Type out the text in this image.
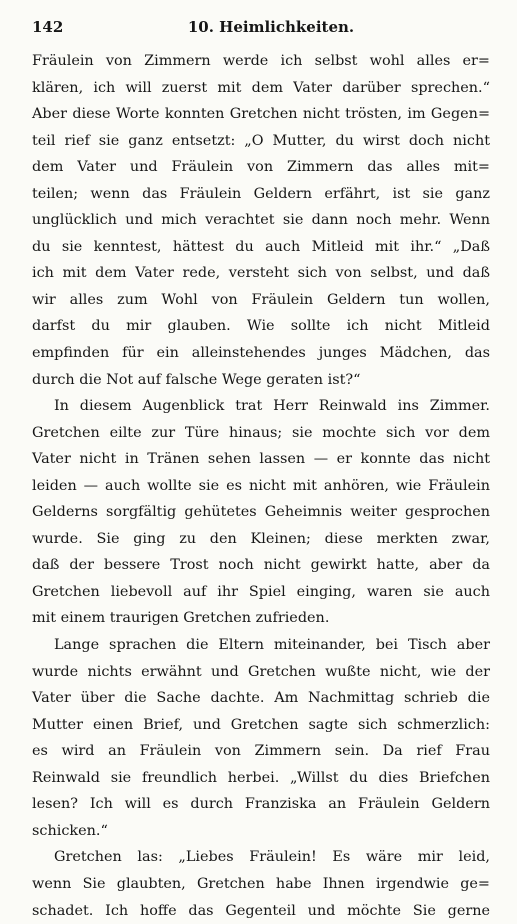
142	10. Heimlichkeiten.
Fräulein von Zimmern werde ich selbst wohl alles er=
klären, ich will zuerst mit dem Vater darüber sprechen.“
Aber diese Worte konnten Gretchen nicht trösten, im Gegen=
teil rief sie ganz entsetzt: „O Mutter, du wirst doch nicht
dem Vater und Fräulein von Zimmern das alles mit=
teilen; wenn das Fräulein Geldern erfährt, ist sie ganz
unglücklich und mich verachtet sie dann noch mehr. Wenn
du sie kenntest, hättest du auch Mitleid mit ihr.“ „Daß
ich mit dem Vater rede, versteht sich von selbst, und daß
wir alles zum Wohl von Fräulein Geldern tun wollen,
darfst du mir glauben. Wie sollte ich nicht Mitleid
empfinden für ein alleinstehendes junges Mädchen, das
durch die Not auf falsche Wege geraten ist?“
In diesem Augenblick trat Herr Reinwald ins Zimmer.
Gretchen eilte zur Türe hinaus; sie mochte sich vor dem
Vater nicht in Tränen sehen lassen — er konnte das nicht
leiden — auch wollte sie es nicht mit anhören, wie Fräulein
Gelderns sorgfältig gehütetes Geheimnis weiter gesprochen
wurde. Sie ging zu den Kleinen; diese merkten zwar,
daß der bessere Trost noch nicht gewirkt hatte, aber da
Gretchen liebevoll auf ihr Spiel einging, waren sie auch
mit einem traurigen Gretchen zufrieden.
Lange sprachen die Eltern miteinander, bei Tisch aber
wurde nichts erwähnt und Gretchen wußte nicht, wie der
Vater über die Sache dachte. Am Nachmittag schrieb die
Mutter einen Brief, und Gretchen sagte sich schmerzlich:
es wird an Fräulein von Zimmern sein. Da rief Frau
Reinwald sie freundlich herbei. „Willst du dies Briefchen
lesen? Ich will es durch Franziska an Fräulein Geldern
schicken.“
Gretchen las: „Liebes Fräulein! Es wäre mir leid,
wenn Sie glaubten, Gretchen habe Ihnen irgendwie ge=
schadet. Ich hoffe das Gegenteil und möchte Sie gerne
